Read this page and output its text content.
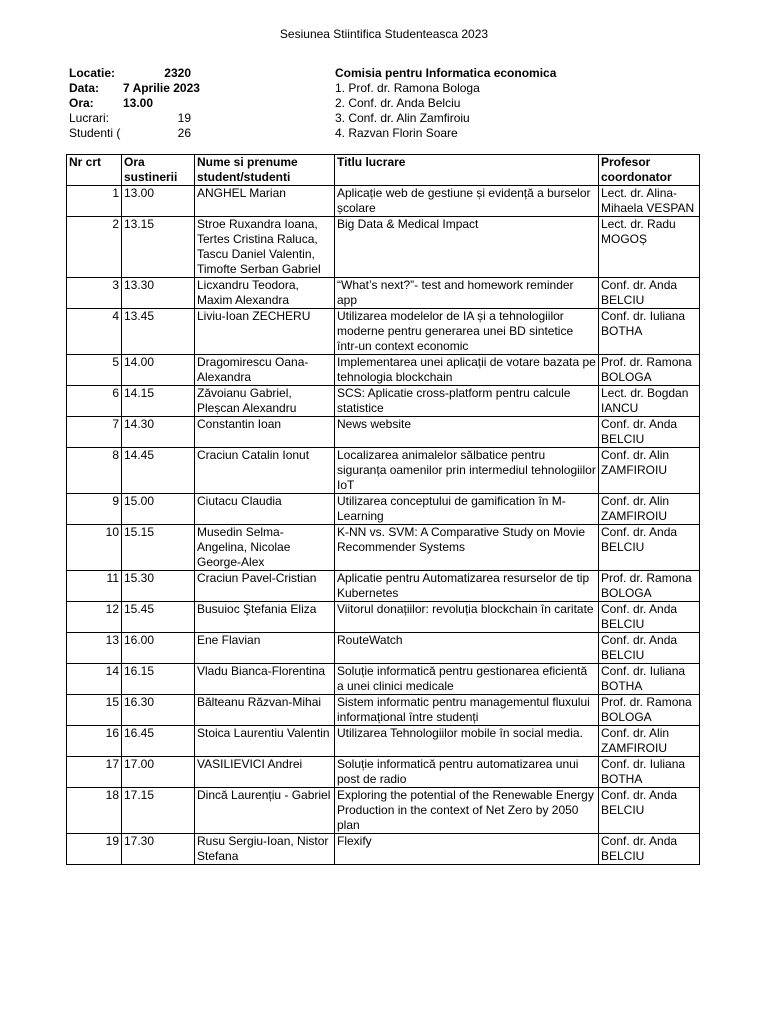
Sesiunea Stiintifica Studenteasca 2023
Locatie:	2320
Data: 7 Aprilie 2023
Ora: 13.00
Lucrari:	19
Studenti (	26
Comisia pentru Informatica economica
1. Prof. dr. Ramona Bologa
2. Conf. dr. Anda Belciu
3. Conf. dr. Alin Zamfiroiu
4. Razvan Florin Soare
Nr crt	Ora sustinerii	Nume si prenume student/studenti	Titlu lucrare	Profesor coordonator
1	13.00	ANGHEL Marian	Aplicație web de gestiune și evidență a burselor școlare	Lect. dr. Alina-Mihaela VESPAN
2	13.15	Stroe Ruxandra Ioana, Tertes Cristina Raluca, Tascu Daniel Valentin, Timofte Serban Gabriel	Big Data & Medical Impact	Lect. dr. Radu MOGOȘ
3	13.30	Licxandru Teodora, Maxim Alexandra	“What’s next?”- test and homework reminder app	Conf. dr. Anda BELCIU
4	13.45	Liviu-Ioan ZECHERU	Utilizarea modelelor de IA și a tehnologiilor moderne pentru generarea unei BD sintetice într-un context economic	Conf. dr. Iuliana BOTHA
5	14.00	Dragomirescu Oana-Alexandra	Implementarea unei aplicații de votare bazata pe tehnologia blockchain	Prof. dr. Ramona BOLOGA
6	14.15	Zăvoianu Gabriel, Pleșcan Alexandru	SCS: Aplicatie cross-platform pentru calcule statistice	Lect. dr. Bogdan IANCU
7	14.30	Constantin Ioan	News website	Conf. dr. Anda BELCIU
8	14.45	Craciun Catalin Ionut	Localizarea animalelor sălbatice pentru siguranța oamenilor prin intermediul tehnologiilor IoT	Conf. dr. Alin ZAMFIROIU
9	15.00	Ciutacu Claudia	Utilizarea conceptului de gamification în M-Learning	Conf. dr. Alin ZAMFIROIU
10	15.15	Musedin Selma-Angelina, Nicolae George-Alex	K-NN vs. SVM: A Comparative Study on Movie Recommender Systems	Conf. dr. Anda BELCIU
11	15.30	Craciun Pavel-Cristian	Aplicatie pentru Automatizarea resurselor de tip Kubernetes	Prof. dr. Ramona BOLOGA
12	15.45	Busuioc Ştefania Eliza	Viitorul donațiilor: revoluția blockchain în caritate	Conf. dr. Anda BELCIU
13	16.00	Ene Flavian	RouteWatch	Conf. dr. Anda BELCIU
14	16.15	Vladu Bianca-Florentina	Soluție informatică pentru gestionarea eficientă a unei clinici medicale	Conf. dr. Iuliana BOTHA
15	16.30	Bălteanu Răzvan-Mihai	Sistem informatic pentru managementul fluxului informațional între studenți	Prof. dr. Ramona BOLOGA
16	16.45	Stoica Laurentiu Valentin	Utilizarea Tehnologiilor mobile în social media.	Conf. dr. Alin ZAMFIROIU
17	17.00	VASILIEVICI Andrei	Soluție informatică pentru automatizarea unui post de radio	Conf. dr. Iuliana BOTHA
18	17.15	Dincă Laurențiu - Gabriel	Exploring the potential of the Renewable Energy Production in the context of Net Zero by 2050 plan	Conf. dr. Anda BELCIU
19	17.30	Rusu Sergiu-Ioan, Nistor Stefana	Flexify	Conf. dr. Anda BELCIU
